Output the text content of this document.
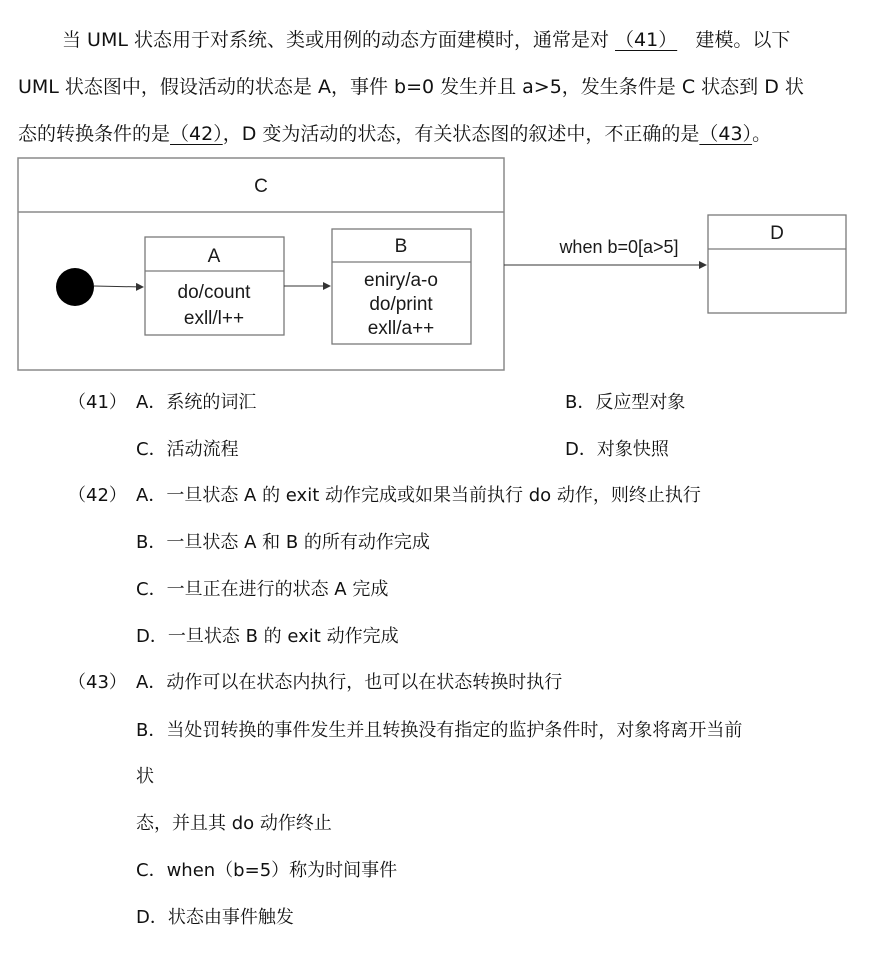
当 UML 状态用于对系统、类或用例的动态方面建模时，通常是对 （41） 建模。以下
UML 状态图中，假设活动的状态是 A，事件 b=0 发生并且 a>5，发生条件是 C 状态到 D 状
态的转换条件的是（42），D 变为活动的状态，有关状态图的叙述中，不正确的是（43）。
C
A
do/count
exll/l++
B
eniry/a-o
do/print
exll/a++
when b=0[a>5]
D
（41） A．系统的词汇	B．反应型对象
C．活动流程	D．对象快照
（42） A．一旦状态 A 的 exit 动作完成或如果当前执行 do 动作，则终止执行
B．一旦状态 A 和 B 的所有动作完成
C．一旦正在进行的状态 A 完成
D．一旦状态 B 的 exit 动作完成
（43） A．动作可以在状态内执行，也可以在状态转换时执行
B．当处罚转换的事件发生并且转换没有指定的监护条件时，对象将离开当前
状
态，并且其 do 动作终止
C．when（b=5）称为时间事件
D．状态由事件触发
